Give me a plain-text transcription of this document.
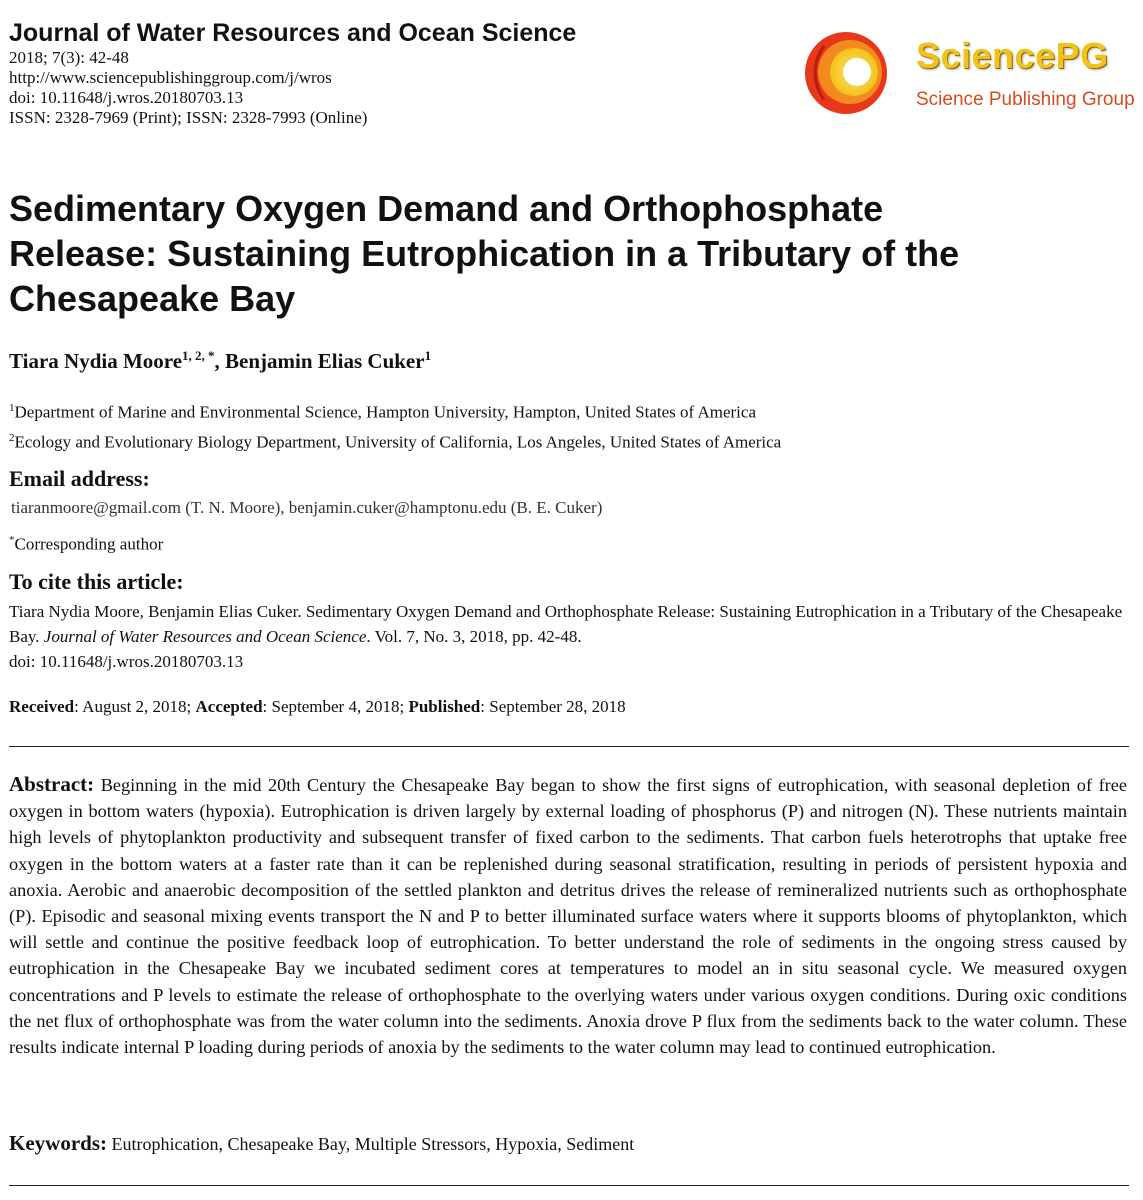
Journal of Water Resources and Ocean Science
2018; 7(3): 42-48
http://www.sciencepublishinggroup.com/j/wros
doi: 10.11648/j.wros.20180703.13
ISSN: 2328-7969 (Print); ISSN: 2328-7993 (Online)
SciencePG
Science Publishing Group
Sedimentary Oxygen Demand and Orthophosphate
Release: Sustaining Eutrophication in a Tributary of the
Chesapeake Bay
Tiara Nydia Moore$^{1, 2, *}$, Benjamin Elias Cuker$^1$
$^1$Department of Marine and Environmental Science, Hampton University, Hampton, United States of America
$^2$Ecology and Evolutionary Biology Department, University of California, Los Angeles, United States of America
Email address:
tiaranmoore@gmail.com (T. N. Moore), benjamin.cuker@hamptonu.edu (B. E. Cuker)
*Corresponding author
To cite this article:
Tiara Nydia Moore, Benjamin Elias Cuker. Sedimentary Oxygen Demand and Orthophosphate Release: Sustaining Eutrophication in a Tributary of the Chesapeake Bay. Journal of Water Resources and Ocean Science. Vol. 7, No. 3, 2018, pp. 42-48.
doi: 10.11648/j.wros.20180703.13
Received: August 2, 2018; Accepted: September 4, 2018; Published: September 28, 2018

Abstract: Beginning in the mid 20th Century the Chesapeake Bay began to show the first signs of eutrophication, with seasonal depletion of free oxygen in bottom waters (hypoxia). Eutrophication is driven largely by external loading of phosphorus (P) and nitrogen (N). These nutrients maintain high levels of phytoplankton productivity and subsequent transfer of fixed carbon to the sediments. That carbon fuels heterotrophs that uptake free oxygen in the bottom waters at a faster rate than it can be replenished during seasonal stratification, resulting in periods of persistent hypoxia and anoxia. Aerobic and anaerobic decomposition of the settled plankton and detritus drives the release of remineralized nutrients such as orthophosphate (P). Episodic and seasonal mixing events transport the N and P to better illuminated surface waters where it supports blooms of phytoplankton, which will settle and continue the positive feedback loop of eutrophication. To better understand the role of sediments in the ongoing stress caused by eutrophication in the Chesapeake Bay we incubated sediment cores at temperatures to model an in situ seasonal cycle. We measured oxygen concentrations and P levels to estimate the release of orthophosphate to the overlying waters under various oxygen conditions. During oxic conditions the net flux of orthophosphate was from the water column into the sediments. Anoxia drove P flux from the sediments back to the water column. These results indicate internal P loading during periods of anoxia by the sediments to the water column may lead to continued eutrophication.

Keywords: Eutrophication, Chesapeake Bay, Multiple Stressors, Hypoxia, Sediment
